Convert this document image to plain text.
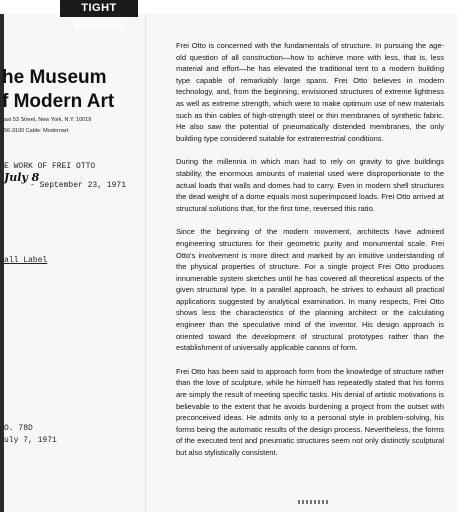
TIGHT BINDING
he Museum
f Modern Art
ast 53 Street, New York, N.Y. 10019
56-3100 Cable: Modernart
E WORK OF FREI OTTO
July 8
- September 23, 1971
all Label
O. 78D
uly 7, 1971

Frei Otto is concerned with the fundamentals of structure. In pursuing the age-old question of all construction—how to achieve more with less, that is, less material and effort—he has elevated the traditional tent to a modern building type capable of remarkably large spans. Frei Otto believes in modern technology, and, from the beginning, envisioned structures of extreme lightness as well as extreme strength, which were to make optimum use of new materials such as thin cables of high-strength steel or thin membranes of synthetic fabric. He also saw the potential of pneumatically distended membranes, the only building type considered suitable for extraterrestrial conditions.

During the millennia in which man had to rely on gravity to give buildings stability, the enormous amounts of material used were disproportionate to the actual loads that walls and domes had to carry. Even in modern shell structures the dead weight of a dome equals most superimposed loads. Frei Otto arrived at structural solutions that, for the first time, reversed this ratio.

Since the beginning of the modern movement, architects have admired engineering structures for their geometric purity and monumental scale. Frei Otto's involvement is more direct and marked by an intuitive understanding of the physical properties of structure. For a single project Frei Otto produces innumerable system sketches until he has covered all theoretical aspects of the given structural type. In a parallel approach, he strives to exhaust all practical applications suggested by analytical examination. In many respects, Frei Otto shows less the characteristics of the planning architect or the calculating engineer than the speculative mind of the inventor. His design approach is oriented toward the development of structural prototypes rather than the establishment of universally applicable canons of form.

Frei Otto has been said to approach form from the knowledge of structure rather than the love of sculpture, while he himself has repeatedly stated that his forms are simply the result of meeting specific tasks. His denial of artistic motivations is believable to the extent that he avoids burdening a project from the outset with preconceived ideas. He admits only to a personal style in problem-solving, his forms being the automatic results of the design process. Nevertheless, the forms of the executed tent and pneumatic structures seem not only distinctly sculptural but also stylistically consistent.
